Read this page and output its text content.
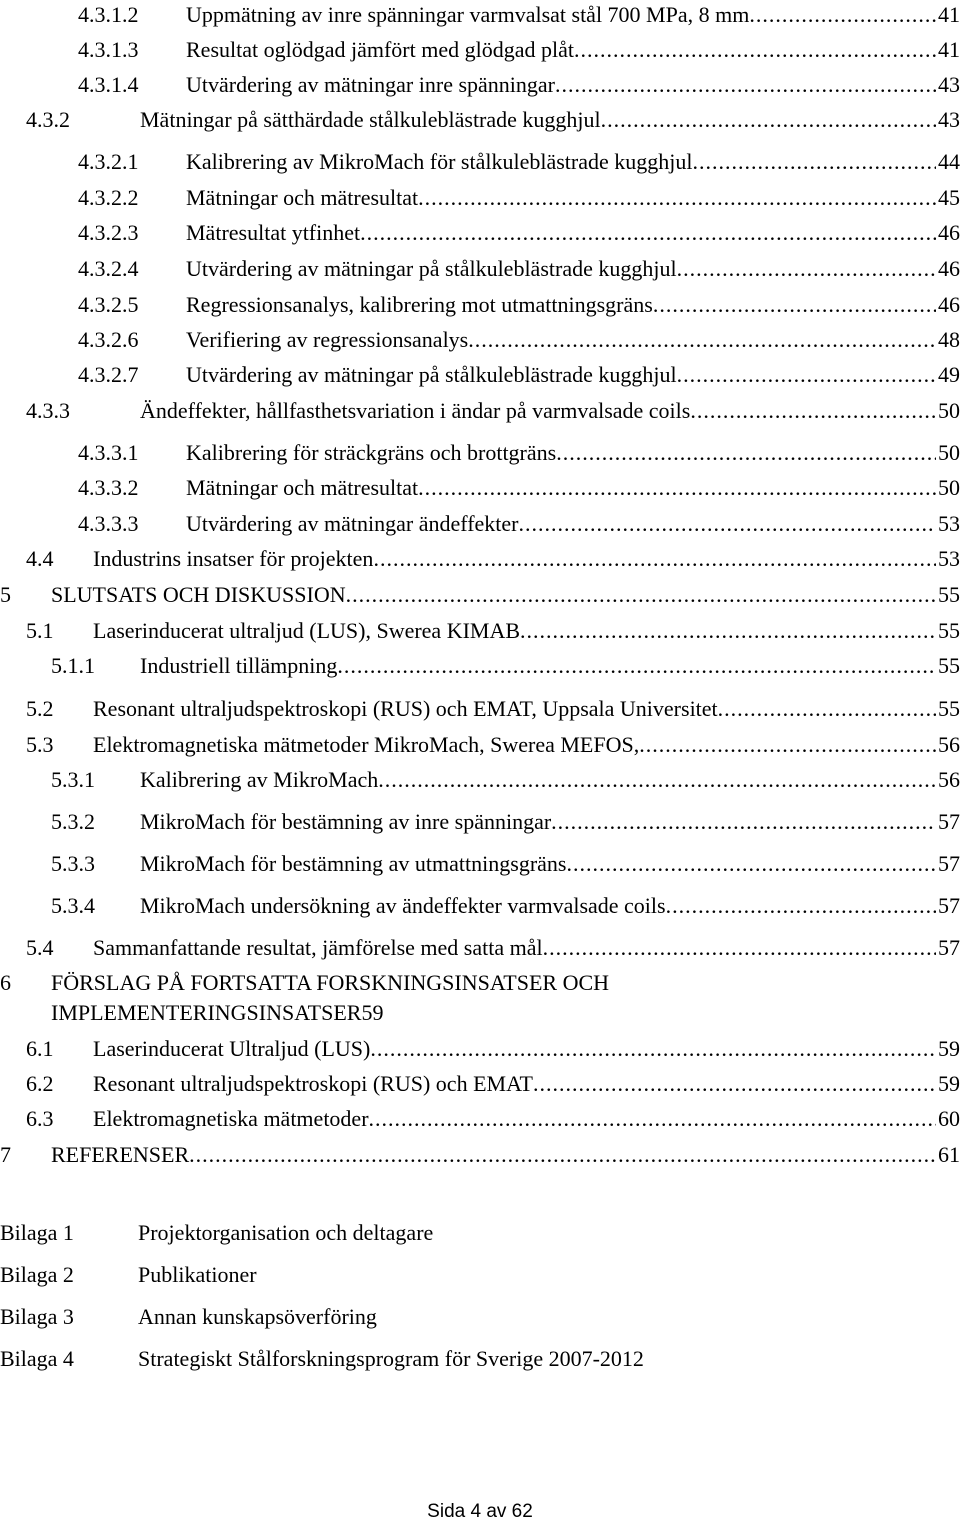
4.3.1.2 Uppmätning av inre spänningar varmvalsat stål 700 MPa, 8 mm .....	41
4.3.1.3 Resultat oglödgad jämfört med glödgad plåt .....	41
4.3.1.4 Utvärdering av mätningar inre spänningar .....	43
4.3.2	Mätningar på sätthärdade stålkuleblästrade kugghjul .....	43
4.3.2.1 Kalibrering av MikroMach för stålkuleblästrade kugghjul .....	44
4.3.2.2 Mätningar och mätresultat .....	45
4.3.2.3 Mätresultat ytfinhet .....	46
4.3.2.4 Utvärdering av mätningar på stålkuleblästrade kugghjul .....	46
4.3.2.5 Regressionsanalys, kalibrering mot utmattningsgräns .....	46
4.3.2.6 Verifiering av regressionsanalys .....	48
4.3.2.7 Utvärdering av mätningar på stålkuleblästrade kugghjul .....	49
4.3.3	Ändeffekter, hållfasthetsvariation i ändar på varmvalsade coils .....	50
4.3.3.1 Kalibrering för sträckgräns och brottgräns .....	50
4.3.3.2 Mätningar och mätresultat .....	50
4.3.3.3 Utvärdering av mätningar ändeffekter .....	53
4.4 Industrins insatser för projekten .....	53
5 SLUTSATS OCH DISKUSSION .....	55
5.1 Laserinducerat ultraljud (LUS), Swerea KIMAB .....	55
5.1.1 Industriell tillämpning .....	55
5.2 Resonant ultraljudspektroskopi (RUS) och EMAT, Uppsala Universitet .....	55
5.3 Elektromagnetiska mätmetoder MikroMach, Swerea MEFOS, .....	56
5.3.1 Kalibrering av MikroMach .....	56
5.3.2 MikroMach för bestämning av inre spänningar .....	57
5.3.3 MikroMach för bestämning av utmattningsgräns .....	57
5.3.4 MikroMach undersökning av ändeffekter varmvalsade coils .....	57
5.4 Sammanfattande resultat, jämförelse med satta mål .....	57
6 FÖRSLAG PÅ FORTSATTA FORSKNINGSINSATSER OCH
IMPLEMENTERINGSINSATSER 59
6.1 Laserinducerat Ultraljud (LUS) .....	59
6.2 Resonant ultraljudspektroskopi (RUS) och EMAT .....	59
6.3 Elektromagnetiska mätmetoder .....	60
7 REFERENSER .....	61
Bilaga 1	Projektorganisation och deltagare
Bilaga 2	Publikationer
Bilaga 3	Annan kunskapsöverföring
Bilaga 4	Strategiskt Stålforskningsprogram för Sverige 2007-2012
Sida 4 av 62
